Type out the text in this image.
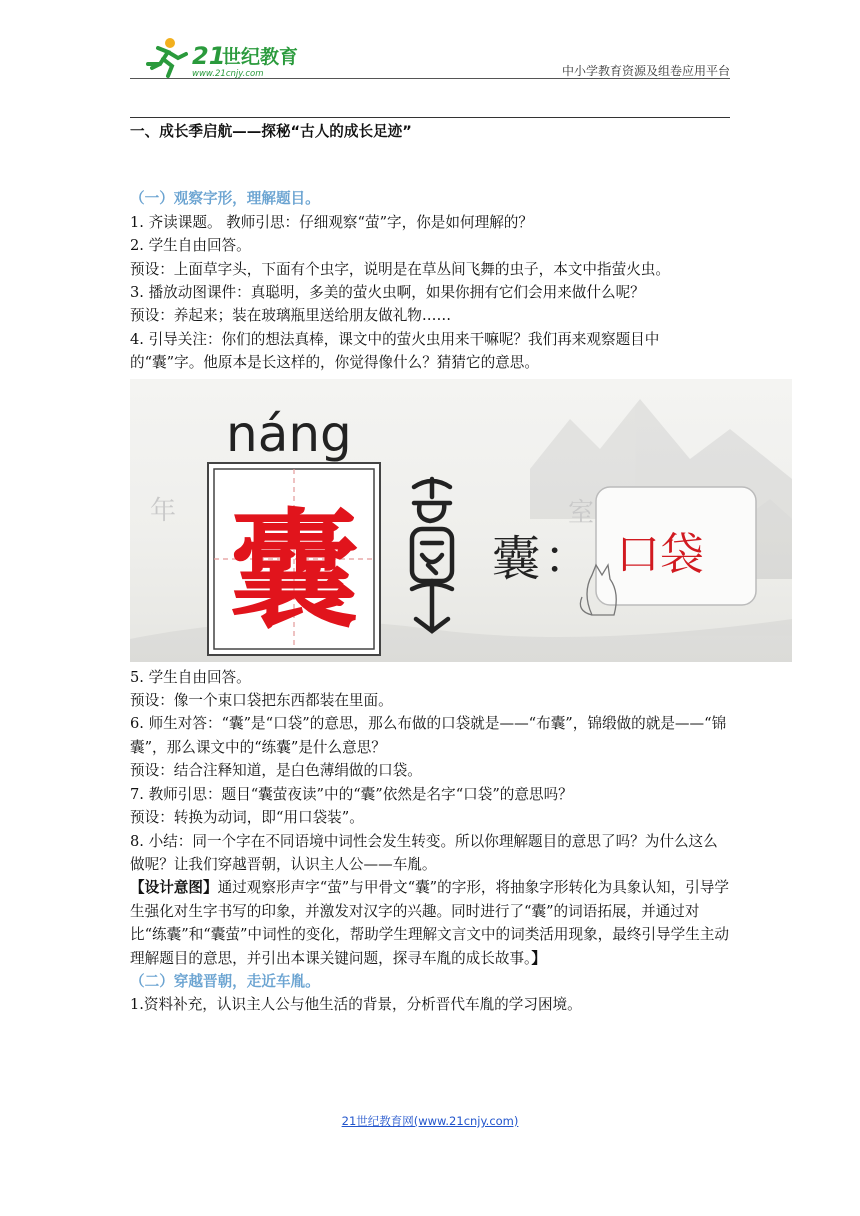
21
世纪教育
www.21cnjy.com	中小学教育资源及组卷应用平台

一、成长季启航——探秘“古人的成长足迹”

（一）观察字形，理解题目。

1. 齐读课题。 教师引思：仔细观察“萤”字，你是如何理解的？

2. 学生自由回答。

预设：上面草字头，下面有个虫字，说明是在草丛间飞舞的虫子，本文中指萤火虫。

3. 播放动图课件：真聪明，多美的萤火虫啊，如果你拥有它们会用来做什么呢？

预设：养起来；装在玻璃瓶里送给朋友做礼物……

4. 引导关注：你们的想法真棒，课文中的萤火虫用来干嘛呢？我们再来观察题目中的“囊”字。他原本是长这样的，你觉得像什么？猜猜它的意思。

年	室
náng
囊	囊 ： 口袋

5. 学生自由回答。

预设：像一个束口袋把东西都装在里面。

6. 师生对答：“囊”是“口袋”的意思，那么布做的口袋就是——“布囊”，锦缎做的就是——“锦囊”，那么课文中的“练囊”是什么意思？

预设：结合注释知道，是白色薄绢做的口袋。

7. 教师引思：题目“囊萤夜读”中的“囊”依然是名字“口袋”的意思吗？

预设：转换为动词，即“用口袋装”。

8. 小结：同一个字在不同语境中词性会发生转变。所以你理解题目的意思了吗？为什么这么做呢？让我们穿越晋朝，认识主人公——车胤。

【设计意图】通过观察形声字“萤”与甲骨文“囊”的字形，将抽象字形转化为具象认知，引导学生强化对生字书写的印象，并激发对汉字的兴趣。同时进行了“囊”的词语拓展，并通过对比“练囊”和“囊萤”中词性的变化，帮助学生理解文言文中的词类活用现象，最终引导学生主动理解题目的意思，并引出本课关键问题，探寻车胤的成长故事。】

（二）穿越晋朝，走近车胤。

1.资料补充，认识主人公与他生活的背景，分析晋代车胤的学习困境。

21世纪教育网(www.21cnjy.com)
